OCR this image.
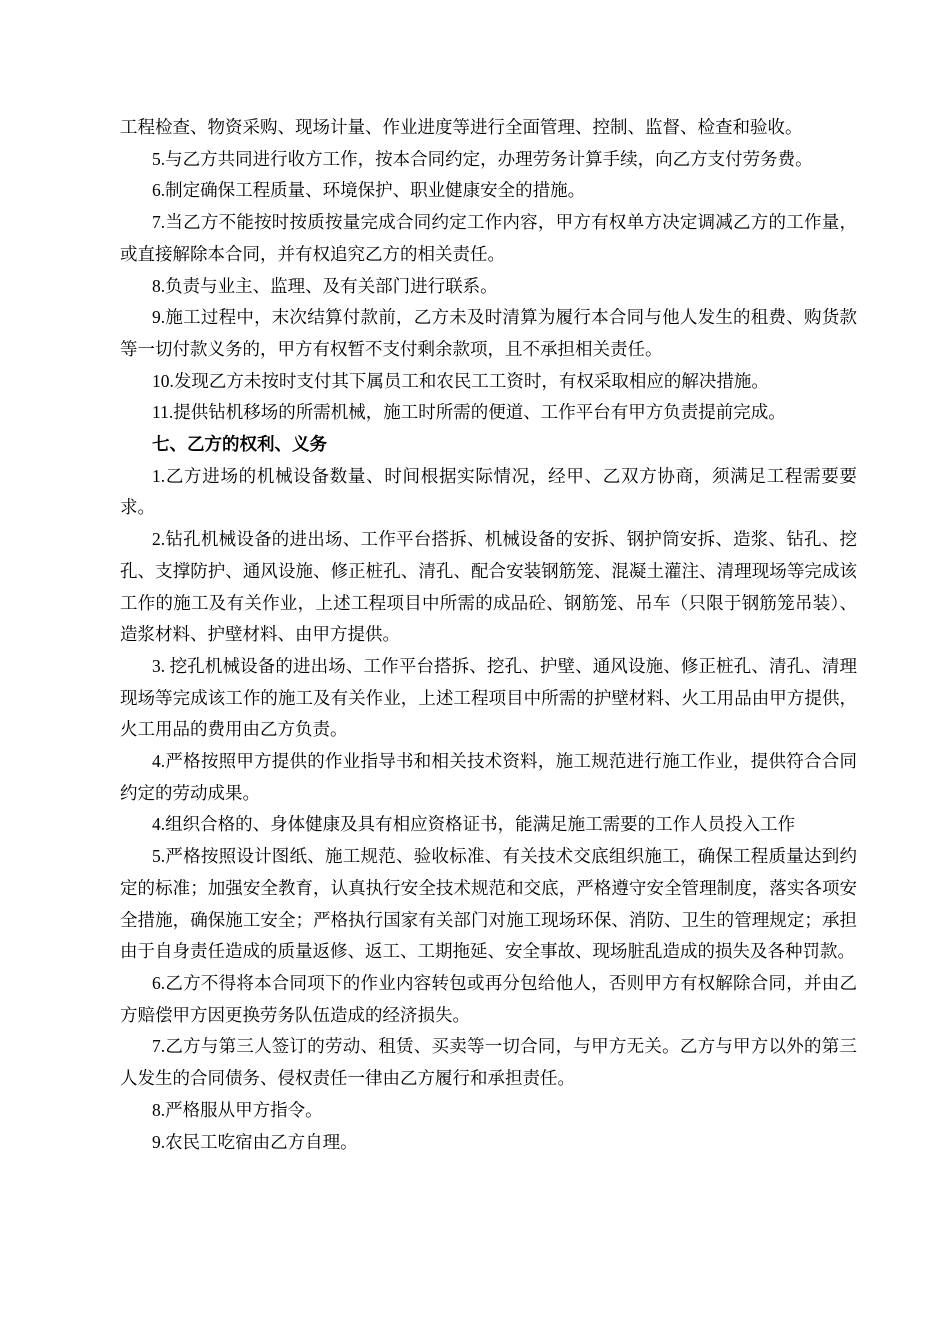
工程检查、物资采购、现场计量、作业进度等进行全面管理、控制、监督、检查和验收。

5.与乙方共同进行收方工作，按本合同约定，办理劳务计算手续，向乙方支付劳务费。

6.制定确保工程质量、环境保护、职业健康安全的措施。

7.当乙方不能按时按质按量完成合同约定工作内容，甲方有权单方决定调减乙方的工作量，或直接解除本合同，并有权追究乙方的相关责任。

8.负责与业主、监理、及有关部门进行联系。

9.施工过程中，末次结算付款前，乙方未及时清算为履行本合同与他人发生的租费、购货款等一切付款义务的，甲方有权暂不支付剩余款项，且不承担相关责任。

10.发现乙方未按时支付其下属员工和农民工工资时，有权采取相应的解决措施。

11.提供钻机移场的所需机械，施工时所需的便道、工作平台有甲方负责提前完成。

七、乙方的权利、义务

1.乙方进场的机械设备数量、时间根据实际情况，经甲、乙双方协商，须满足工程需要要求。

2.钻孔机械设备的进出场、工作平台搭拆、机械设备的安拆、钢护筒安拆、造浆、钻孔、挖孔、支撑防护、通风设施、修正桩孔、清孔、配合安装钢筋笼、混凝土灌注、清理现场等完成该工作的施工及有关作业，上述工程项目中所需的成品砼、钢筋笼、吊车（只限于钢筋笼吊装）、造浆材料、护壁材料、由甲方提供。

3. 挖孔机械设备的进出场、工作平台搭拆、挖孔、护壁、通风设施、修正桩孔、清孔、清理现场等完成该工作的施工及有关作业，上述工程项目中所需的护壁材料、火工用品由甲方提供，火工用品的费用由乙方负责。

4.严格按照甲方提供的作业指导书和相关技术资料，施工规范进行施工作业，提供符合合同约定的劳动成果。

4.组织合格的、身体健康及具有相应资格证书，能满足施工需要的工作人员投入工作

5.严格按照设计图纸、施工规范、验收标准、有关技术交底组织施工，确保工程质量达到约定的标准；加强安全教育，认真执行安全技术规范和交底，严格遵守安全管理制度，落实各项安全措施，确保施工安全；严格执行国家有关部门对施工现场环保、消防、卫生的管理规定；承担由于自身责任造成的质量返修、返工、工期拖延、安全事故、现场脏乱造成的损失及各种罚款。

6.乙方不得将本合同项下的作业内容转包或再分包给他人，否则甲方有权解除合同，并由乙方赔偿甲方因更换劳务队伍造成的经济损失。

7.乙方与第三人签订的劳动、租赁、买卖等一切合同，与甲方无关。乙方与甲方以外的第三人发生的合同债务、侵权责任一律由乙方履行和承担责任。

8.严格服从甲方指令。

9.农民工吃宿由乙方自理。
